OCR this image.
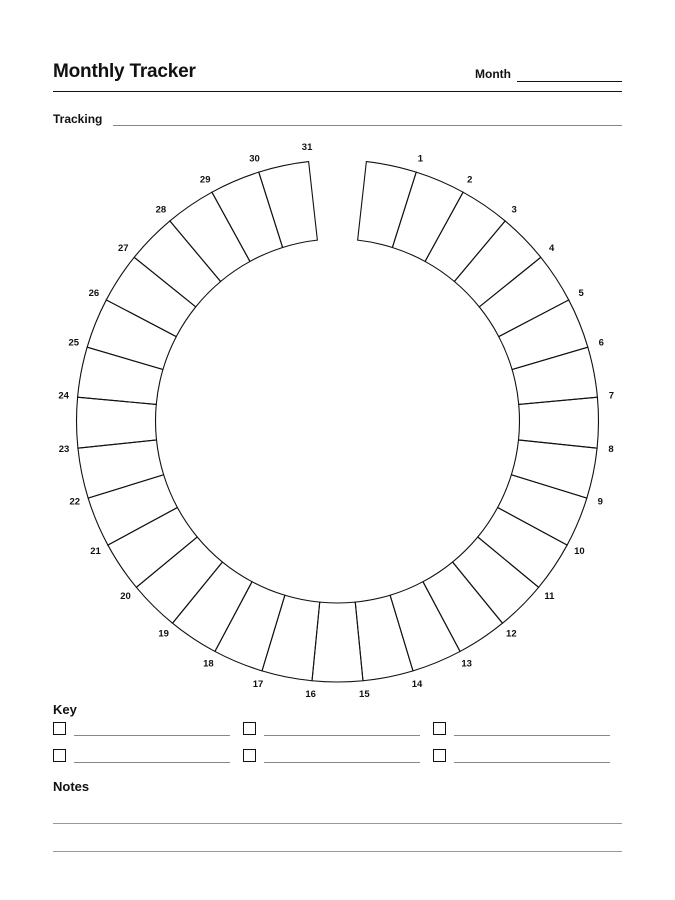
Monthly Tracker	Month
Tracking
1
2
3
4
5
6
7
8
9
10
11
12
13
14
15
16
17
18
19
20
21
22
23
24
25
26
27
28
29
30
31
Key
Notes
